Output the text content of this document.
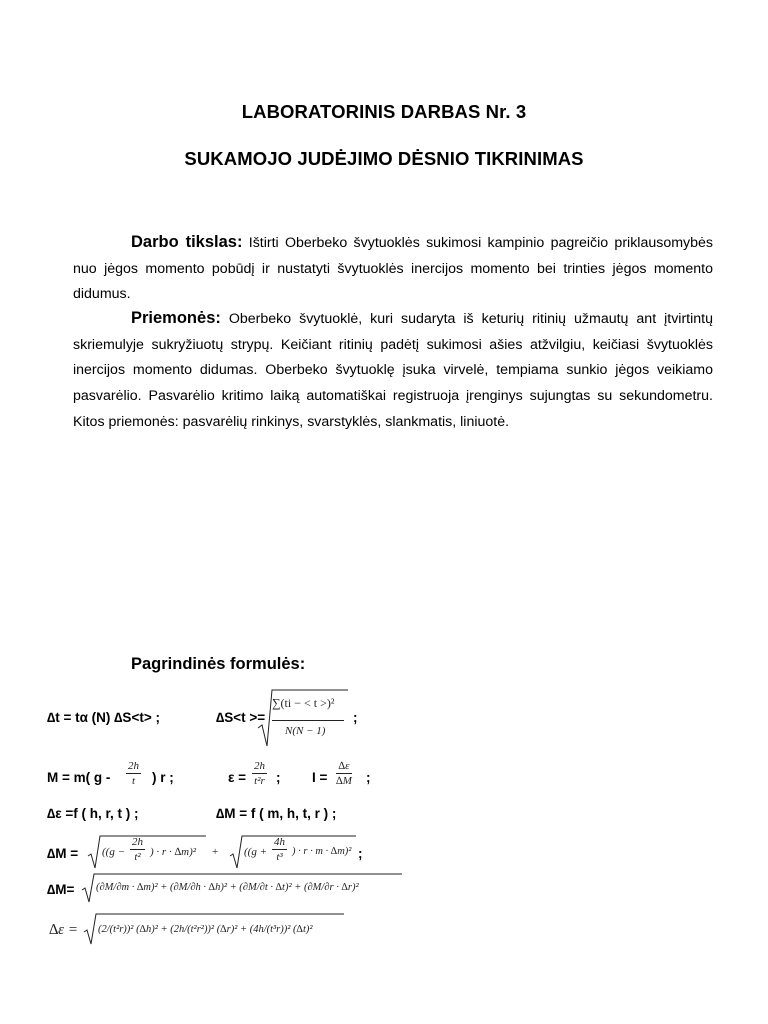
LABORATORINIS DARBAS Nr. 3
SUKAMOJO JUDĖJIMO DĖSNIO TIKRINIMAS
Darbo tikslas: Ištirti Oberbeko švytuoklės sukimosi kampinio pagreičio priklausomybės nuo jėgos momento pobūdį ir nustatyti švytuoklės inercijos momento bei trinties jėgos momento didumus.
Priemonės: Oberbeko švytuoklė, kuri sudaryta iš keturių ritinių užmautų ant įtvirtintų skriemulyje sukryžiuotų strypų. Keičiant ritinių padėtį sukimosi ašies atžvilgiu, keičiasi švytuoklės inercijos momento didumas. Oberbeko švytuoklę įsuka virvelė, tempiama sunkio jėgos veikiamo pasvarėlio. Pasvarėlio kritimo laiką automatiškai registruoja įrenginys sujungtas su sekundometru. Kitos priemonės: pasvarėlių rinkinys, svarstyklės, slankmatis, liniuotė.
Pagrindinės formulės:
∆t = tα (N) ∆S<t> ;	∆S<t >=
∑(ti − < t >)²
N(N − 1)
;
M = m( g - $\frac{2h}{t}$ ) r ;	$\varepsilon = \frac{2h}{\text{t²r}}$ ; $I = \frac{\Delta\varepsilon}{\Delta M}$ ;
∆ε =f ( h, r, t ) ;	∆M = f ( m, h, t, r ) ;
$\Delta M = ((g - \frac{2h}{\text{t²}}$ ) · $r \cdot \Delta m)^2 + ((g + \frac{4h}{\text{t³}}$ ) · r · m · ∆m)² ;
∆M= (∂M/∂m · ∆m)² + (∂M/∂h · ∆h)² + (∂M/∂t · ∆t)² + (∂M/∂r · ∆r)²
∆ε = (2/(t²r))² (∆h)² + (2h/(t²r²))² (∆r)² + (4h/(t³r))² (∆t)²
